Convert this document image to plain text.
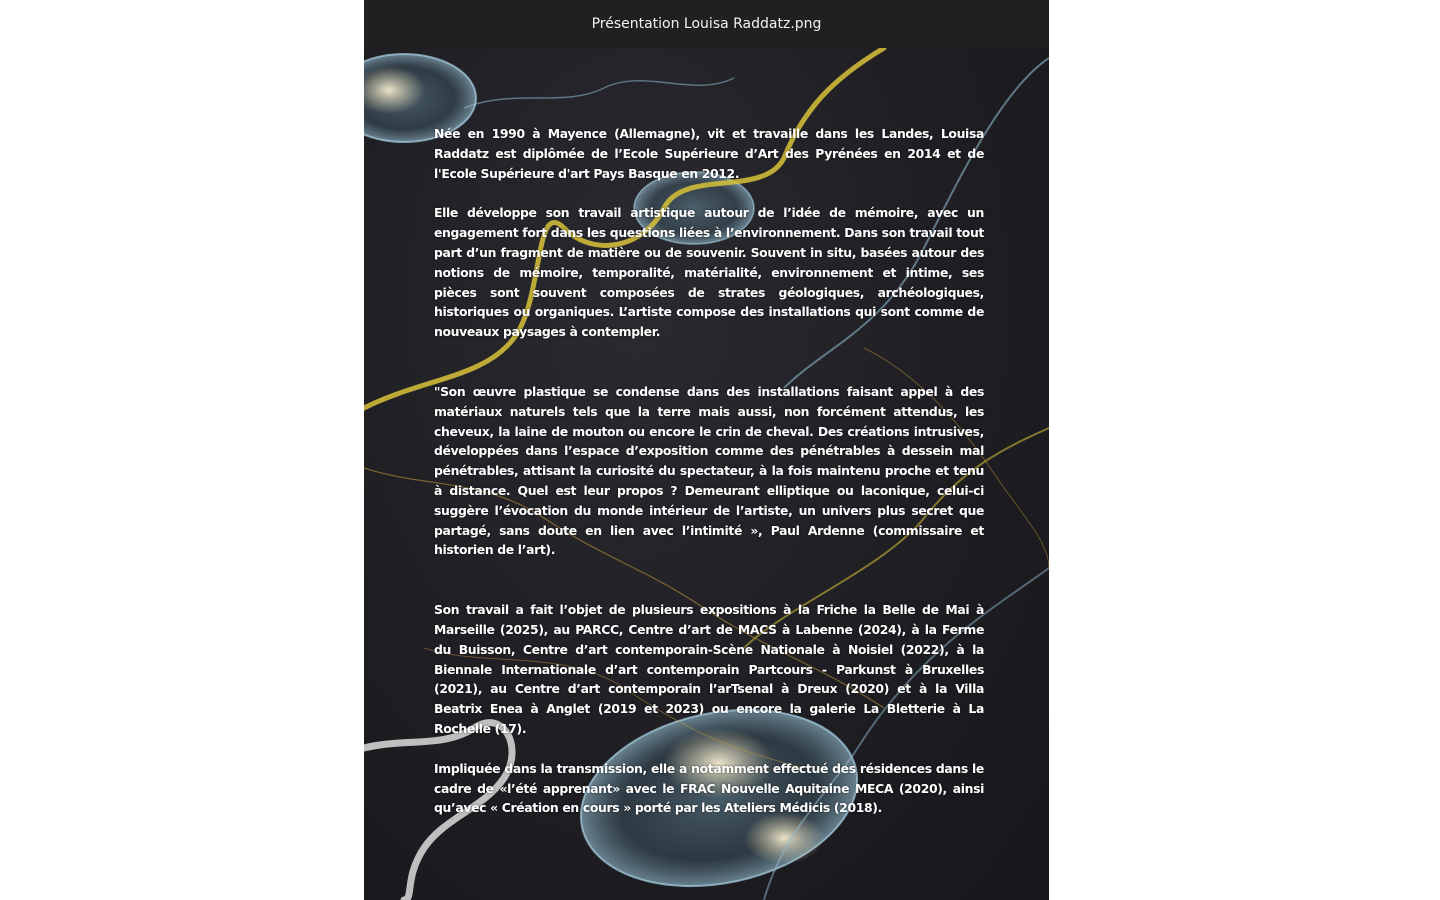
Présentation Louisa Raddatz.png

Née en 1990 à Mayence (Allemagne), vit et travaille dans les Landes, Louisa Raddatz est diplômée de l’Ecole Supérieure d’Art des Pyrénées en 2014 et de l'Ecole Supérieure d'art Pays Basque en 2012.

Elle développe son travail artistique autour de l’idée de mémoire, avec un engagement fort dans les questions liées à l’environnement. Dans son travail tout part d’un fragment de matière ou de souvenir. Souvent in situ, basées autour des notions de mémoire, temporalité, matérialité, environnement et intime, ses pièces sont souvent composées de strates géologiques, archéologiques, historiques ou organiques. L’artiste compose des installations qui sont comme de nouveaux paysages à contempler.

"Son œuvre plastique se condense dans des installations faisant appel à des matériaux naturels tels que la terre mais aussi, non forcément attendus, les cheveux, la laine de mouton ou encore le crin de cheval. Des créations intrusives, développées dans l’espace d’exposition comme des pénétrables à dessein mal pénétrables, attisant la curiosité du spectateur, à la fois maintenu proche et tenu à distance. Quel est leur propos ? Demeurant elliptique ou laconique, celui-ci suggère l’évocation du monde intérieur de l’artiste, un univers plus secret que partagé, sans doute en lien avec l’intimité », Paul Ardenne (commissaire et historien de l’art).

Son travail a fait l’objet de plusieurs expositions à la Friche la Belle de Mai à Marseille (2025), au PARCC, Centre d’art de MACS à Labenne (2024), à la Ferme du Buisson, Centre d’art contemporain-Scène Nationale à Noisiel (2022), à la Biennale Internationale d’art contemporain Partcours - Parkunst à Bruxelles (2021), au Centre d’art contemporain l’arTsenal à Dreux (2020) et à la Villa Beatrix Enea à Anglet (2019 et 2023) ou encore la galerie La Bletterie à La Rochelle (17).

Impliquée dans la transmission, elle a notamment effectué des résidences dans le cadre de «l’été apprenant» avec le FRAC Nouvelle Aquitaine MECA (2020), ainsi qu’avec « Création en cours » porté par les Ateliers Médicis (2018).
